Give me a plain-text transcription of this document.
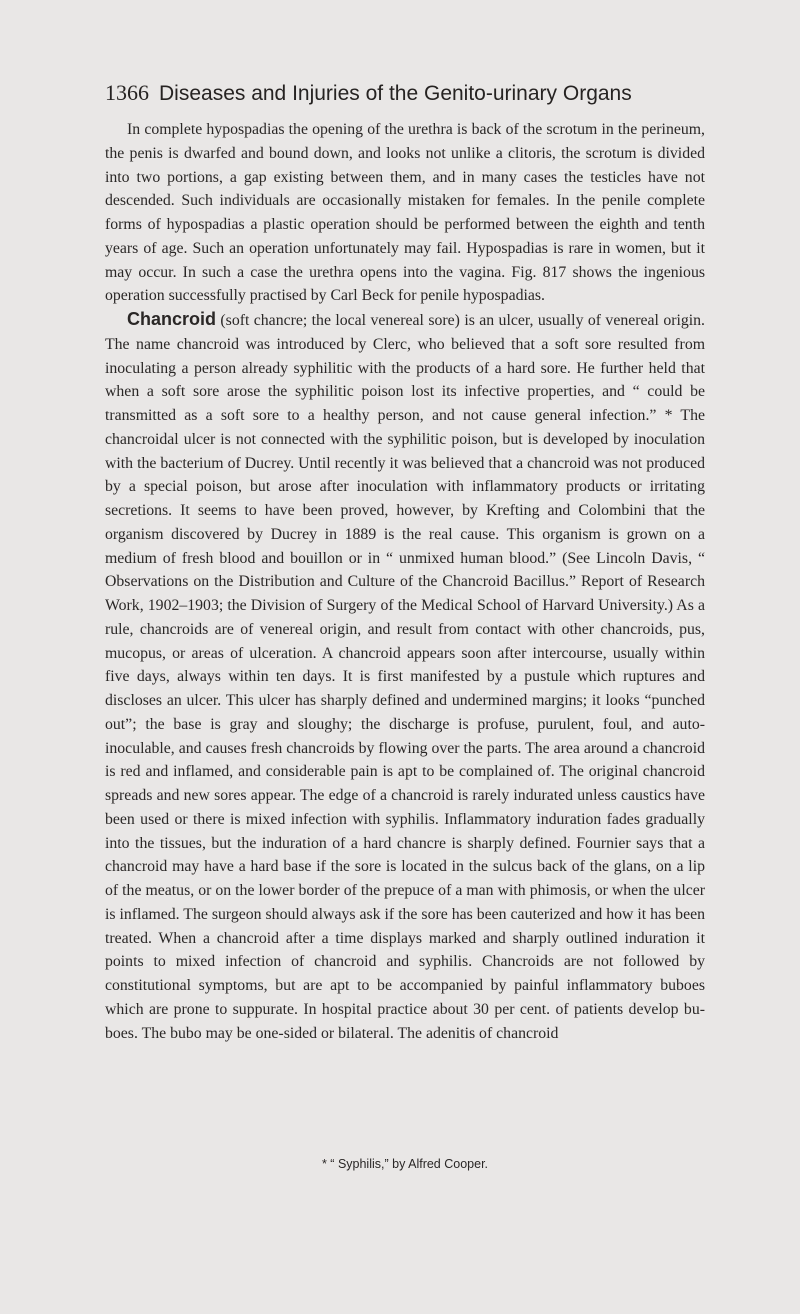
1366 Diseases and Injuries of the Genito-urinary Organs

In complete hypospadias the opening of the urethra is back of the scrotum in the perineum, the penis is dwarfed and bound down, and looks not unlike a clitoris, the scrotum is divided into two portions, a gap existing between them, and in many cases the testicles have not descended. Such individuals are occasionally mistaken for females. In the penile complete forms of hypospadias a plastic operation should be performed between the eighth and tenth years of age. Such an operation unfortunately may fail. Hypospadias is rare in women, but it may occur. In such a case the urethra opens into the vagina. Fig. 817 shows the ingenious operation successfully practised by Carl Beck for penile hypospadias.

Chancroid (soft chancre; the local venereal sore) is an ulcer, usually of venereal origin. The name chancroid was introduced by Clerc, who believed that a soft sore resulted from inoculating a person already syphilitic with the products of a hard sore. He further held that when a soft sore arose the syphilitic poison lost its infective properties, and “ could be transmitted as a soft sore to a healthy person, and not cause general infection.” * The chancroidal ulcer is not connected with the syphilitic poison, but is developed by inoculation with the bacterium of Ducrey. Until recently it was believed that a chancroid was not produced by a special poison, but arose after inoculation with inflammatory products or irritating secretions. It seems to have been proved, however, by Krefting and Colombini that the organism discovered by Ducrey in 1889 is the real cause. This organism is grown on a medium of fresh blood and bouillon or in “ unmixed human blood.” (See Lincoln Davis, “ Observations on the Distribution and Culture of the Chancroid Bacillus.” Report of Research Work, 1902–1903; the Division of Surgery of the Medical School of Harvard University.) As a rule, chancroids are of venereal origin, and result from contact with other chancroids, pus, mucopus, or areas of ulceration. A chancroid appears soon after intercourse, usually within five days, always within ten days. It is first manifested by a pustule which ruptures and discloses an ulcer. This ulcer has sharply defined and undermined margins; it looks “punched out”; the base is gray and sloughy; the discharge is profuse, purulent, foul, and auto-inoculable, and causes fresh chancroids by flowing over the parts. The area around a chancroid is red and inflamed, and considerable pain is apt to be complained of. The original chancroid spreads and new sores appear. The edge of a chancroid is rarely indurated unless caustics have been used or there is mixed infection with syphilis. Inflammatory induration fades gradually into the tissues, but the induration of a hard chancre is sharply defined. Fournier says that a chancroid may have a hard base if the sore is located in the sulcus back of the glans, on a lip of the meatus, or on the lower border of the prepuce of a man with phimosis, or when the ulcer is inflamed. The surgeon should always ask if the sore has been cauterized and how it has been treated. When a chancroid after a time displays marked and sharply outlined induration it points to mixed infection of chancroid and syphilis. Chancroids are not followed by constitutional symptoms, but are apt to be accompanied by painful inflammatory buboes which are prone to suppurate. In hospital practice about 30 per cent. of patients develop buboes. The bubo may be one-sided or bilateral. The adenitis of chancroid

* “ Syphilis,” by Alfred Cooper.
